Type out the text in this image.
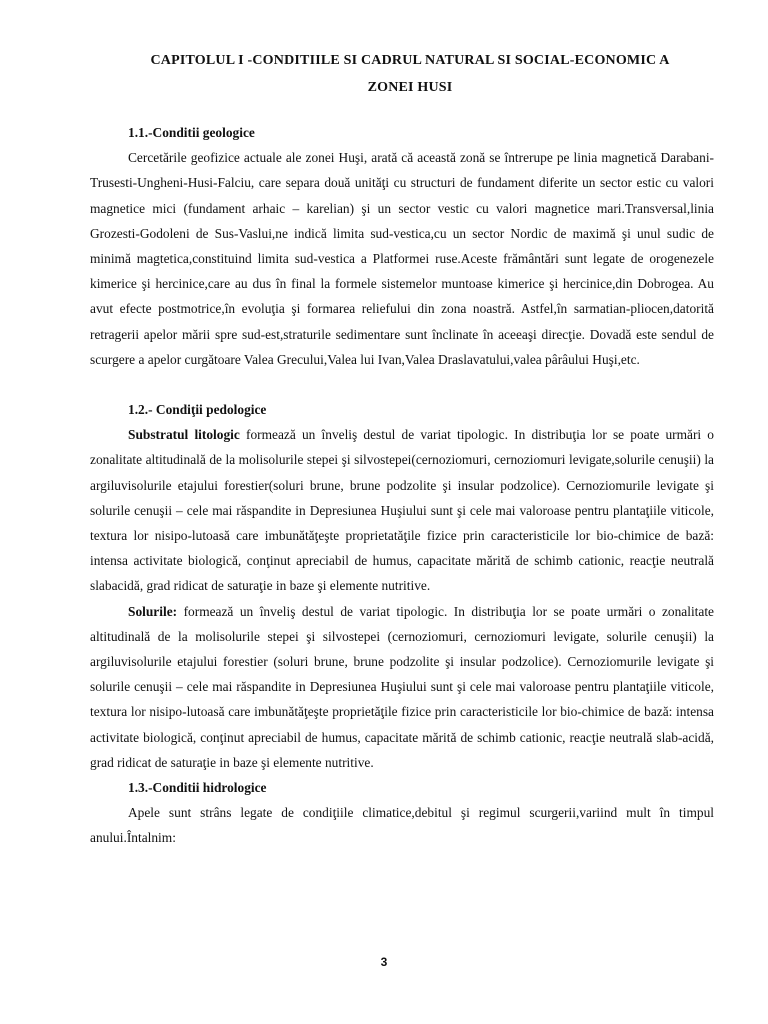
CAPITOLUL I -CONDITIILE SI CADRUL NATURAL SI SOCIAL-ECONOMIC A
ZONEI HUSI
1.1.-Conditii geologice

Cercetările geofizice actuale ale zonei Huşi, arată că această zonă se întrerupe pe linia magnetică Darabani-Trusesti-Ungheni-Husi-Falciu, care separa două unităţi cu structuri de fundament diferite un sector estic cu valori magnetice mici (fundament arhaic – karelian) şi un sector vestic cu valori magnetice mari.Transversal,linia Grozesti-Godoleni de Sus-Vaslui,ne indică limita sud-vestica,cu un sector Nordic de maximă şi unul sudic de minimă magtetica,constituind limita sud-vestica a Platformei ruse.Aceste frământări sunt legate de orogenezele kimerice şi hercinice,care au dus în final la formele sistemelor muntoase kimerice şi hercinice,din Dobrogea. Au avut efecte postmotrice,în evoluţia şi formarea reliefului din zona noastră. Astfel,în sarmatian-pliocen,datorită retragerii apelor mării spre sud-est,straturile sedimentare sunt înclinate în aceeaşi direcţie. Dovadă este sendul de scurgere a apelor curgătoare Valea Grecului,Valea lui Ivan,Valea Draslavatului,valea pârâului Huşi,etc.

1.2.- Condiţii pedologice

Substratul litologic formează un înveliş destul de variat tipologic. In distribuţia lor se poate urmări o zonalitate altitudinală de la molisolurile stepei şi silvostepei(cernoziomuri, cernoziomuri levigate,solurile cenuşii) la argiluvisolurile etajului forestier(soluri brune, brune podzolite şi insular podzolice). Cernoziomurile levigate şi solurile cenuşii – cele mai răspandite in Depresiunea Huşiului sunt şi cele mai valoroase pentru plantaţiile viticole, textura lor nisipo-lutoasă care imbunătăţeşte proprietatăţile fizice prin caracteristicile lor bio-chimice de bază: intensa activitate biologică, conţinut apreciabil de humus, capacitate mărită de schimb cationic, reacţie neutrală slabacidă, grad ridicat de saturaţie in baze şi elemente nutritive.

Solurile: formează un înveliş destul de variat tipologic. In distribuţia lor se poate urmări o zonalitate altitudinală de la molisolurile stepei şi silvostepei (cernoziomuri, cernoziomuri levigate, solurile cenuşii) la argiluvisolurile etajului forestier (soluri brune, brune podzolite şi insular podzolice). Cernoziomurile levigate şi solurile cenuşii – cele mai răspandite in Depresiunea Huşiului sunt şi cele mai valoroase pentru plantaţiile viticole, textura lor nisipo-lutoasă care imbunătăţeşte proprietăţile fizice prin caracteristicile lor bio-chimice de bază: intensa activitate biologică, conţinut apreciabil de humus, capacitate mărită de schimb cationic, reacţie neutrală slab-acidă, grad ridicat de saturaţie in baze şi elemente nutritive.

1.3.-Conditii hidrologice

Apele sunt strâns legate de condiţiile climatice,debitul şi regimul scurgerii,variind mult în timpul anului.Întalnim:

3
